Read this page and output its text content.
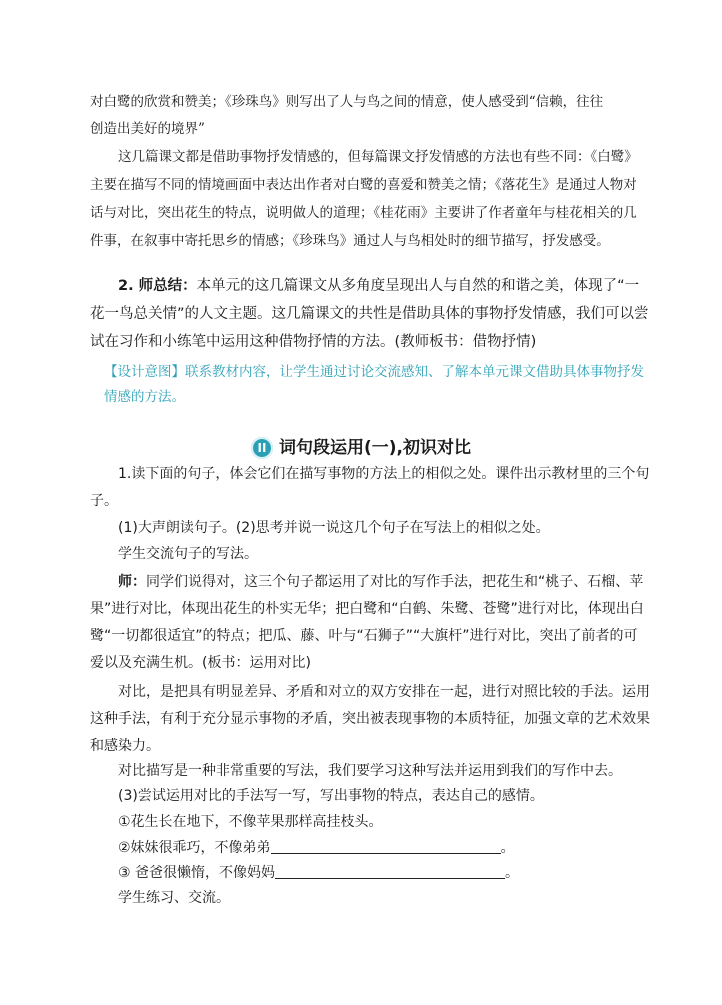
对白鹭的欣赏和赞美；《珍珠鸟》则写出了人与鸟之间的情意，使人感受到“信赖，往往
创造出美好的境界”
这几篇课文都是借助事物抒发情感的，但每篇课文抒发情感的方法也有些不同：《白鹭》主要在描写不同的情境画面中表达出作者对白鹭的喜爱和赞美之情；《落花生》是通过人物对话与对比，突出花生的特点，说明做人的道理；《桂花雨》主要讲了作者童年与桂花相关的几件事，在叙事中寄托思乡的情感；《珍珠鸟》通过人与鸟相处时的细节描写，抒发感受。
2. 师总结：本单元的这几篇课文从多角度呈现出人与自然的和谐之美，体现了“一花一鸟总关情”的人文主题。这几篇课文的共性是借助具体的事物抒发情感，我们可以尝试在习作和小练笔中运用这种借物抒情的方法。(教师板书：借物抒情)
【设计意图】联系教材内容，让学生通过讨论交流感知、了解本单元课文借助具体事物抒发情感的方法。
II 词句段运用(一),初识对比
1.读下面的句子，体会它们在描写事物的方法上的相似之处。课件出示教材里的三个句子。
(1)大声朗读句子。(2)思考并说一说这几个句子在写法上的相似之处。
学生交流句子的写法。
师：同学们说得对，这三个句子都运用了对比的写作手法，把花生和“桃子、石榴、苹果”进行对比，体现出花生的朴实无华；把白鹭和“白鹤、朱鹭、苍鹭”进行对比，体现出白鹭“一切都很适宜”的特点；把瓜、藤、叶与“石狮子”“大旗杆”进行对比，突出了前者的可爱以及充满生机。(板书：运用对比)
对比，是把具有明显差异、矛盾和对立的双方安排在一起，进行对照比较的手法。运用这种手法，有利于充分显示事物的矛盾，突出被表现事物的本质特征，加强文章的艺术效果和感染力。
对比描写是一种非常重要的写法，我们要学习这种写法并运用到我们的写作中去。
(3)尝试运用对比的手法写一写，写出事物的特点，表达自己的感情。
①花生长在地下，不像苹果那样高挂枝头。
②妹妹很乖巧，不像弟弟	。
③ 爸爸很懒惰，不像妈妈	。
学生练习、交流。
